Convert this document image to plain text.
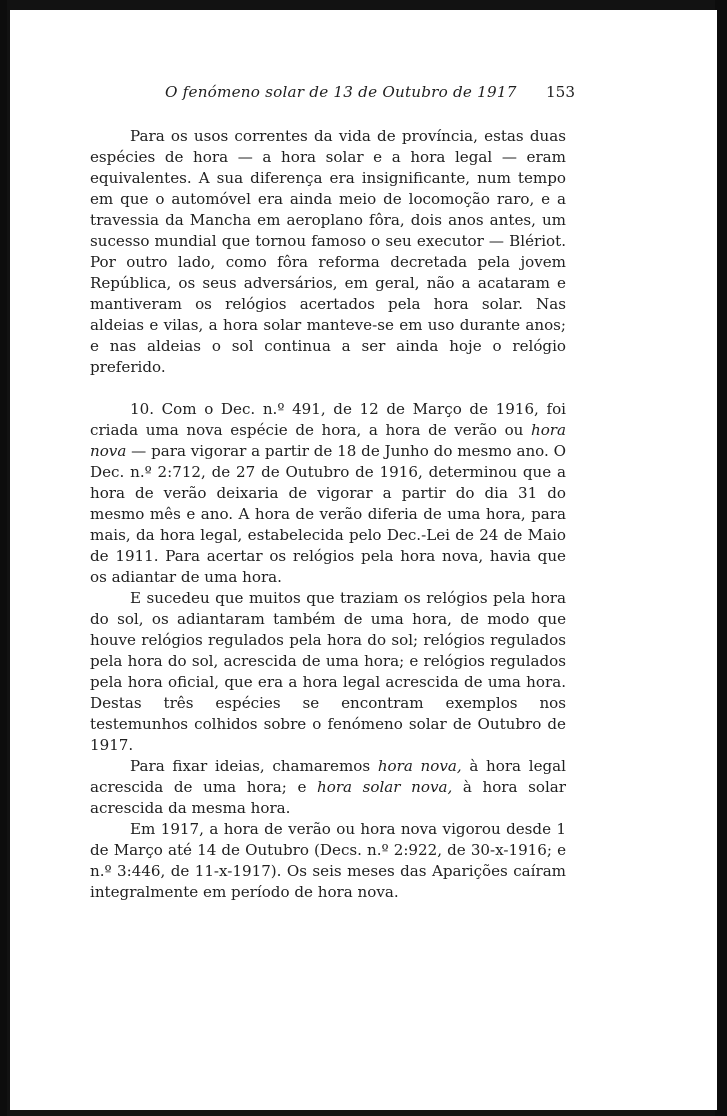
O fenómeno solar de 13 de Outubro de 1917 153

Para os usos correntes da vida de província, estas duas espécies de hora — a hora solar e a hora legal — eram equivalentes. A sua diferença era insignificante, num tempo em que o automóvel era ainda meio de locomoção raro, e a travessia da Mancha em aeroplano fôra, dois anos antes, um sucesso mundial que tornou famoso o seu executor — Blériot. Por outro lado, como fôra reforma decretada pela jovem República, os seus adversários, em geral, não a acataram e mantiveram os relógios acertados pela hora solar. Nas aldeias e vilas, a hora solar manteve-se em uso durante anos; e nas aldeias o sol continua a ser ainda hoje o relógio preferido.

10. Com o Dec. n.º 491, de 12 de Março de 1916, foi criada uma nova espécie de hora, a hora de verão ou hora nova — para vigorar a partir de 18 de Junho do mesmo ano. O Dec. n.º 2:712, de 27 de Outubro de 1916, determinou que a hora de verão deixaria de vigorar a partir do dia 31 do mesmo mês e ano. A hora de verão diferia de uma hora, para mais, da hora legal, estabelecida pelo Dec.-Lei de 24 de Maio de 1911. Para acertar os relógios pela hora nova, havia que os adiantar de uma hora.

E sucedeu que muitos que traziam os relógios pela hora do sol, os adiantaram também de uma hora, de modo que houve relógios regulados pela hora do sol; relógios regulados pela hora do sol, acrescida de uma hora; e relógios regulados pela hora oficial, que era a hora legal acrescida de uma hora. Destas três espécies se encontram exemplos nos testemunhos colhidos sobre o fenómeno solar de Outubro de 1917.

Para fixar ideias, chamaremos hora nova, à hora legal acrescida de uma hora; e hora solar nova, à hora solar acrescida da mesma hora.

Em 1917, a hora de verão ou hora nova vigorou desde 1 de Março até 14 de Outubro (Decs. n.º 2:922, de 30-x-1916; e n.º 3:446, de 11-x-1917). Os seis meses das Aparições caíram integralmente em período de hora nova.
